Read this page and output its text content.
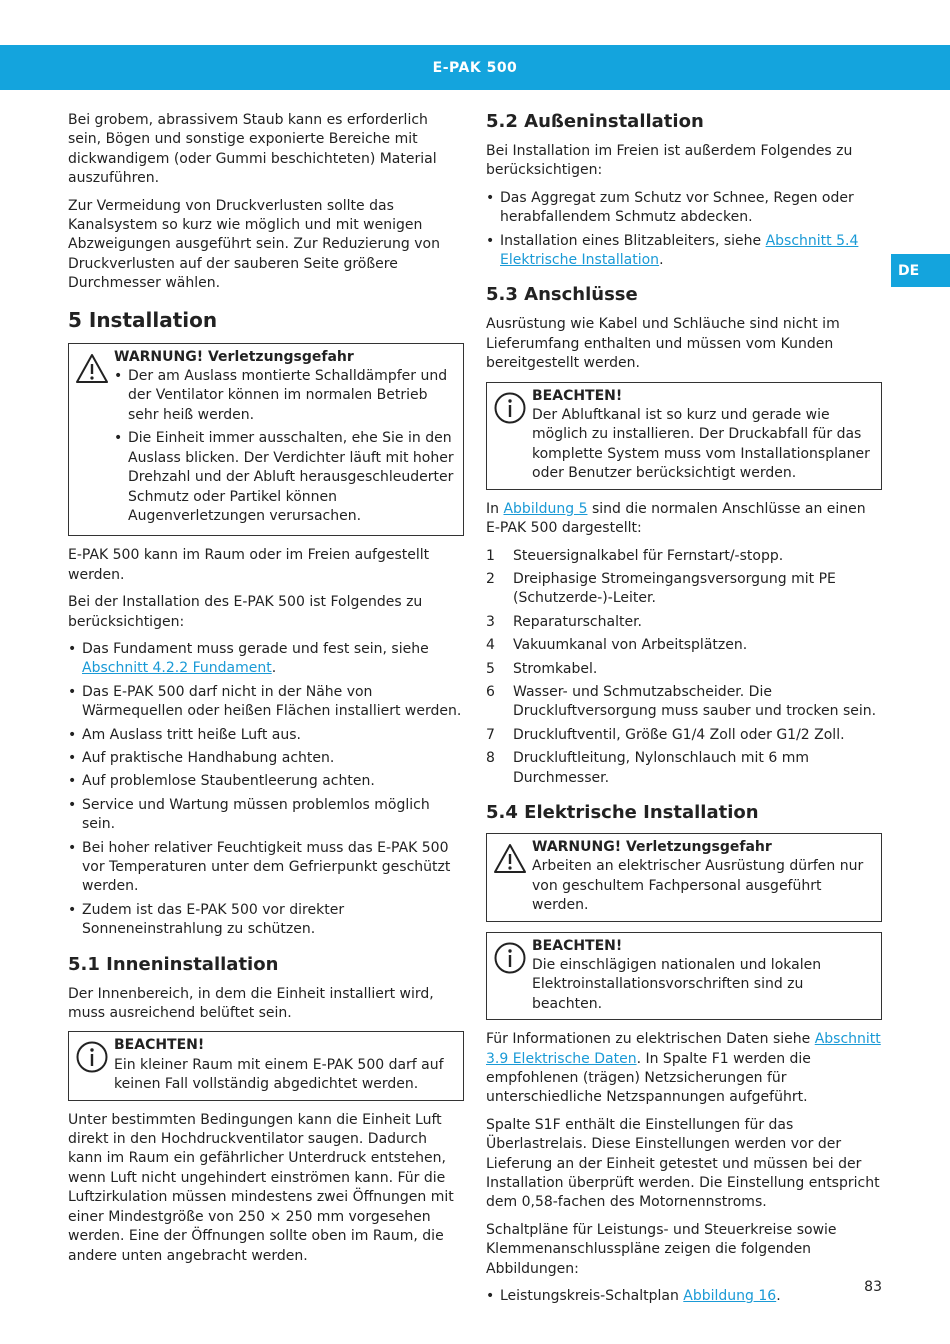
E-PAK 500
DE

Bei grobem, abrassivem Staub kann es erforderlich sein, Bögen und sonstige exponierte Bereiche mit dickwandigem (oder Gummi beschichteten) Material auszuführen.

Zur Vermeidung von Druckverlusten sollte das Kanalsystem so kurz wie möglich und mit wenigen Abzweigungen ausgeführt sein. Zur Reduzierung von Druckverlusten auf der sauberen Seite größere Durchmesser wählen.

5 Installation
WARNUNG! Verletzungsgefahr
• Der am Auslass montierte Schalldämpfer und der Ventilator können im normalen Betrieb sehr heiß werden.
• Die Einheit immer ausschalten, ehe Sie in den Auslass blicken. Der Verdichter läuft mit hoher Drehzahl und der Abluft herausgeschleuderter Schmutz oder Partikel können Augenverletzungen verursachen.

E-PAK 500 kann im Raum oder im Freien aufgestellt werden.

Bei der Installation des E-PAK 500 ist Folgendes zu berücksichtigen:

• Das Fundament muss gerade und fest sein, siehe Abschnitt 4.2.2 Fundament.
• Das E-PAK 500 darf nicht in der Nähe von Wärmequellen oder heißen Flächen installiert werden.
• Am Auslass tritt heiße Luft aus.
• Auf praktische Handhabung achten.
• Auf problemlose Staubentleerung achten.
• Service und Wartung müssen problemlos möglich sein.
• Bei hoher relativer Feuchtigkeit muss das E-PAK 500 vor Temperaturen unter dem Gefrierpunkt geschützt werden.
• Zudem ist das E-PAK 500 vor direkter Sonneneinstrahlung zu schützen.
5.1 Inneninstallation

Der Innenbereich, in dem die Einheit installiert wird, muss ausreichend belüftet sein.

BEACHTEN!
Ein kleiner Raum mit einem E-PAK 500 darf auf keinen Fall vollständig abgedichtet werden.

Unter bestimmten Bedingungen kann die Einheit Luft direkt in den Hochdruckventilator saugen. Dadurch kann im Raum ein gefährlicher Unterdruck entstehen, wenn Luft nicht ungehindert einströmen kann. Für die Luftzirkulation müssen mindestens zwei Öffnungen mit einer Mindestgröße von 250 × 250 mm vorgesehen werden. Eine der Öffnungen sollte oben im Raum, die andere unten angebracht werden.

5.2 Außeninstallation

Bei Installation im Freien ist außerdem Folgendes zu berücksichtigen:

• Das Aggregat zum Schutz vor Schnee, Regen oder herabfallendem Schmutz abdecken.
• Installation eines Blitzableiters, siehe Abschnitt 5.4 Elektrische Installation.
5.3 Anschlüsse

Ausrüstung wie Kabel und Schläuche sind nicht im Lieferumfang enthalten und müssen vom Kunden bereitgestellt werden.

BEACHTEN!
Der Abluftkanal ist so kurz und gerade wie möglich zu installieren. Der Druckabfall für das komplette System muss vom Installationsplaner oder Benutzer berücksichtigt werden.

In Abbildung 5 sind die normalen Anschlüsse an einen E-PAK 500 dargestellt:

1 Steuersignalkabel für Fernstart/-stopp.
2 Dreiphasige Stromeingangsversorgung mit PE (Schutzerde-)-Leiter.
3 Reparaturschalter.
4 Vakuumkanal von Arbeitsplätzen.
5 Stromkabel.
6 Wasser- und Schmutzabscheider. Die Druckluftversorgung muss sauber und trocken sein.
7 Druckluftventil, Größe G1/4 Zoll oder G1/2 Zoll.
8 Druckluftleitung, Nylonschlauch mit 6 mm Durchmesser.
5.4 Elektrische Installation
WARNUNG! Verletzungsgefahr
Arbeiten an elektrischer Ausrüstung dürfen nur von geschultem Fachpersonal ausgeführt werden.
BEACHTEN!
Die einschlägigen nationalen und lokalen Elektroinstallationsvorschriften sind zu beachten.

Für Informationen zu elektrischen Daten siehe Abschnitt 3.9 Elektrische Daten. In Spalte F1 werden die empfohlenen (trägen) Netzsicherungen für unterschiedliche Netzspannungen aufgeführt.

Spalte S1F enthält die Einstellungen für das Überlastrelais. Diese Einstellungen werden vor der Lieferung an der Einheit getestet und müssen bei der Installation überprüft werden. Die Einstellung entspricht dem 0,58-fachen des Motornennstroms.

Schaltpläne für Leistungs- und Steuerkreise sowie Klemmenanschlusspläne zeigen die folgenden Abbildungen:

• Leistungskreis-Schaltplan Abbildung 16.
83
